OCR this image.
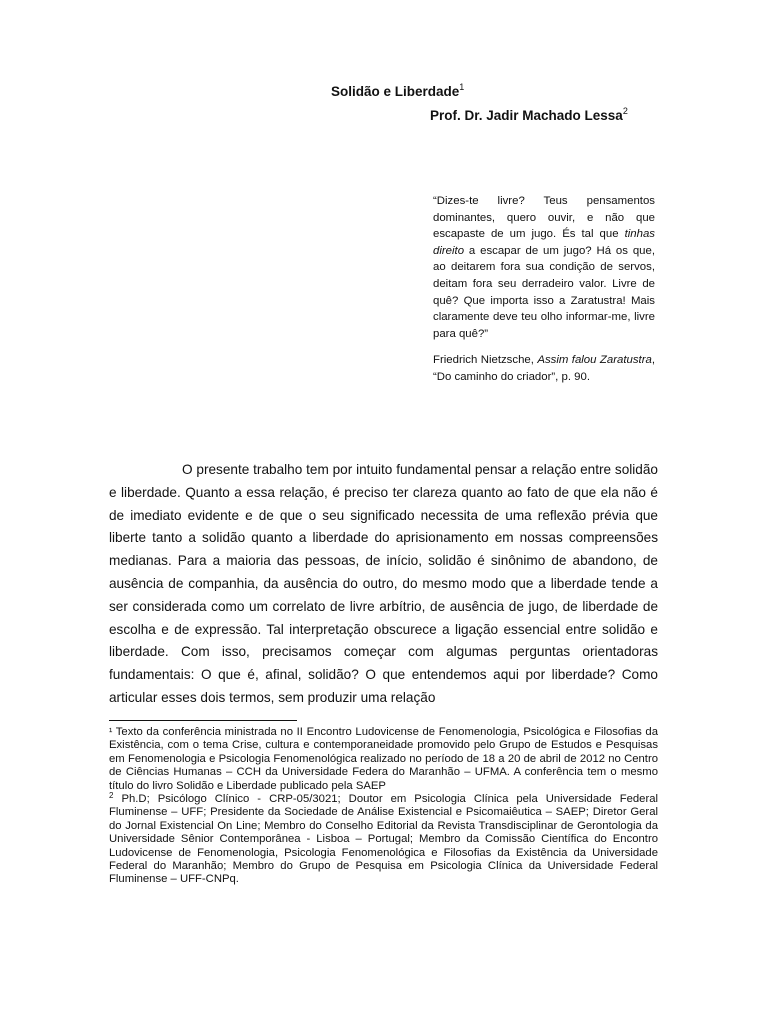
Solidão e Liberdade$^1$
Prof. Dr. Jadir Machado Lessa$^2$

“Dizes-te livre? Teus pensamentos dominantes, quero ouvir, e não que escapaste de um jugo. És tal que tinhas direito a escapar de um jugo? Há os que, ao deitarem fora sua condição de servos, deitam fora seu derradeiro valor. Livre de quê? Que importa isso a Zaratustra! Mais claramente deve teu olho informar-me, livre para quê?”

Friedrich Nietzsche, Assim falou Zaratustra, “Do caminho do criador”, p. 90.

O presente trabalho tem por intuito fundamental pensar a relação entre solidão e liberdade. Quanto a essa relação, é preciso ter clareza quanto ao fato de que ela não é de imediato evidente e de que o seu significado necessita de uma reflexão prévia que liberte tanto a solidão quanto a liberdade do aprisionamento em nossas compreensões medianas. Para a maioria das pessoas, de início, solidão é sinônimo de abandono, de ausência de companhia, da ausência do outro, do mesmo modo que a liberdade tende a ser considerada como um correlato de livre arbítrio, de ausência de jugo, de liberdade de escolha e de expressão. Tal interpretação obscurece a ligação essencial entre solidão e liberdade. Com isso, precisamos começar com algumas perguntas orientadoras fundamentais: O que é, afinal, solidão? O que entendemos aqui por liberdade? Como articular esses dois termos, sem produzir uma relação

¹ Texto da conferência ministrada no II Encontro Ludovicense de Fenomenologia, Psicológica e Filosofias da Existência, com o tema Crise, cultura e contemporaneidade promovido pelo Grupo de Estudos e Pesquisas em Fenomenologia e Psicologia Fenomenológica realizado no período de 18 a 20 de abril de 2012 no Centro de Ciências Humanas – CCH da Universidade Federa do Maranhão – UFMA. A conferência tem o mesmo título do livro Solidão e Liberdade publicado pela SAEP

$^2$ Ph.D; Psicólogo Clínico - CRP-05/3021; Doutor em Psicologia Clínica pela Universidade Federal Fluminense – UFF; Presidente da Sociedade de Análise Existencial e Psicomaiêutica – SAEP; Diretor Geral do Jornal Existencial On Line; Membro do Conselho Editorial da Revista Transdisciplinar de Gerontologia da Universidade Sênior Contemporânea - Lisboa – Portugal; Membro da Comissão Científica do Encontro Ludovicense de Fenomenologia, Psicologia Fenomenológica e Filosofias da Existência da Universidade Federal do Maranhão; Membro do Grupo de Pesquisa em Psicologia Clínica da Universidade Federal Fluminense – UFF-CNPq.
